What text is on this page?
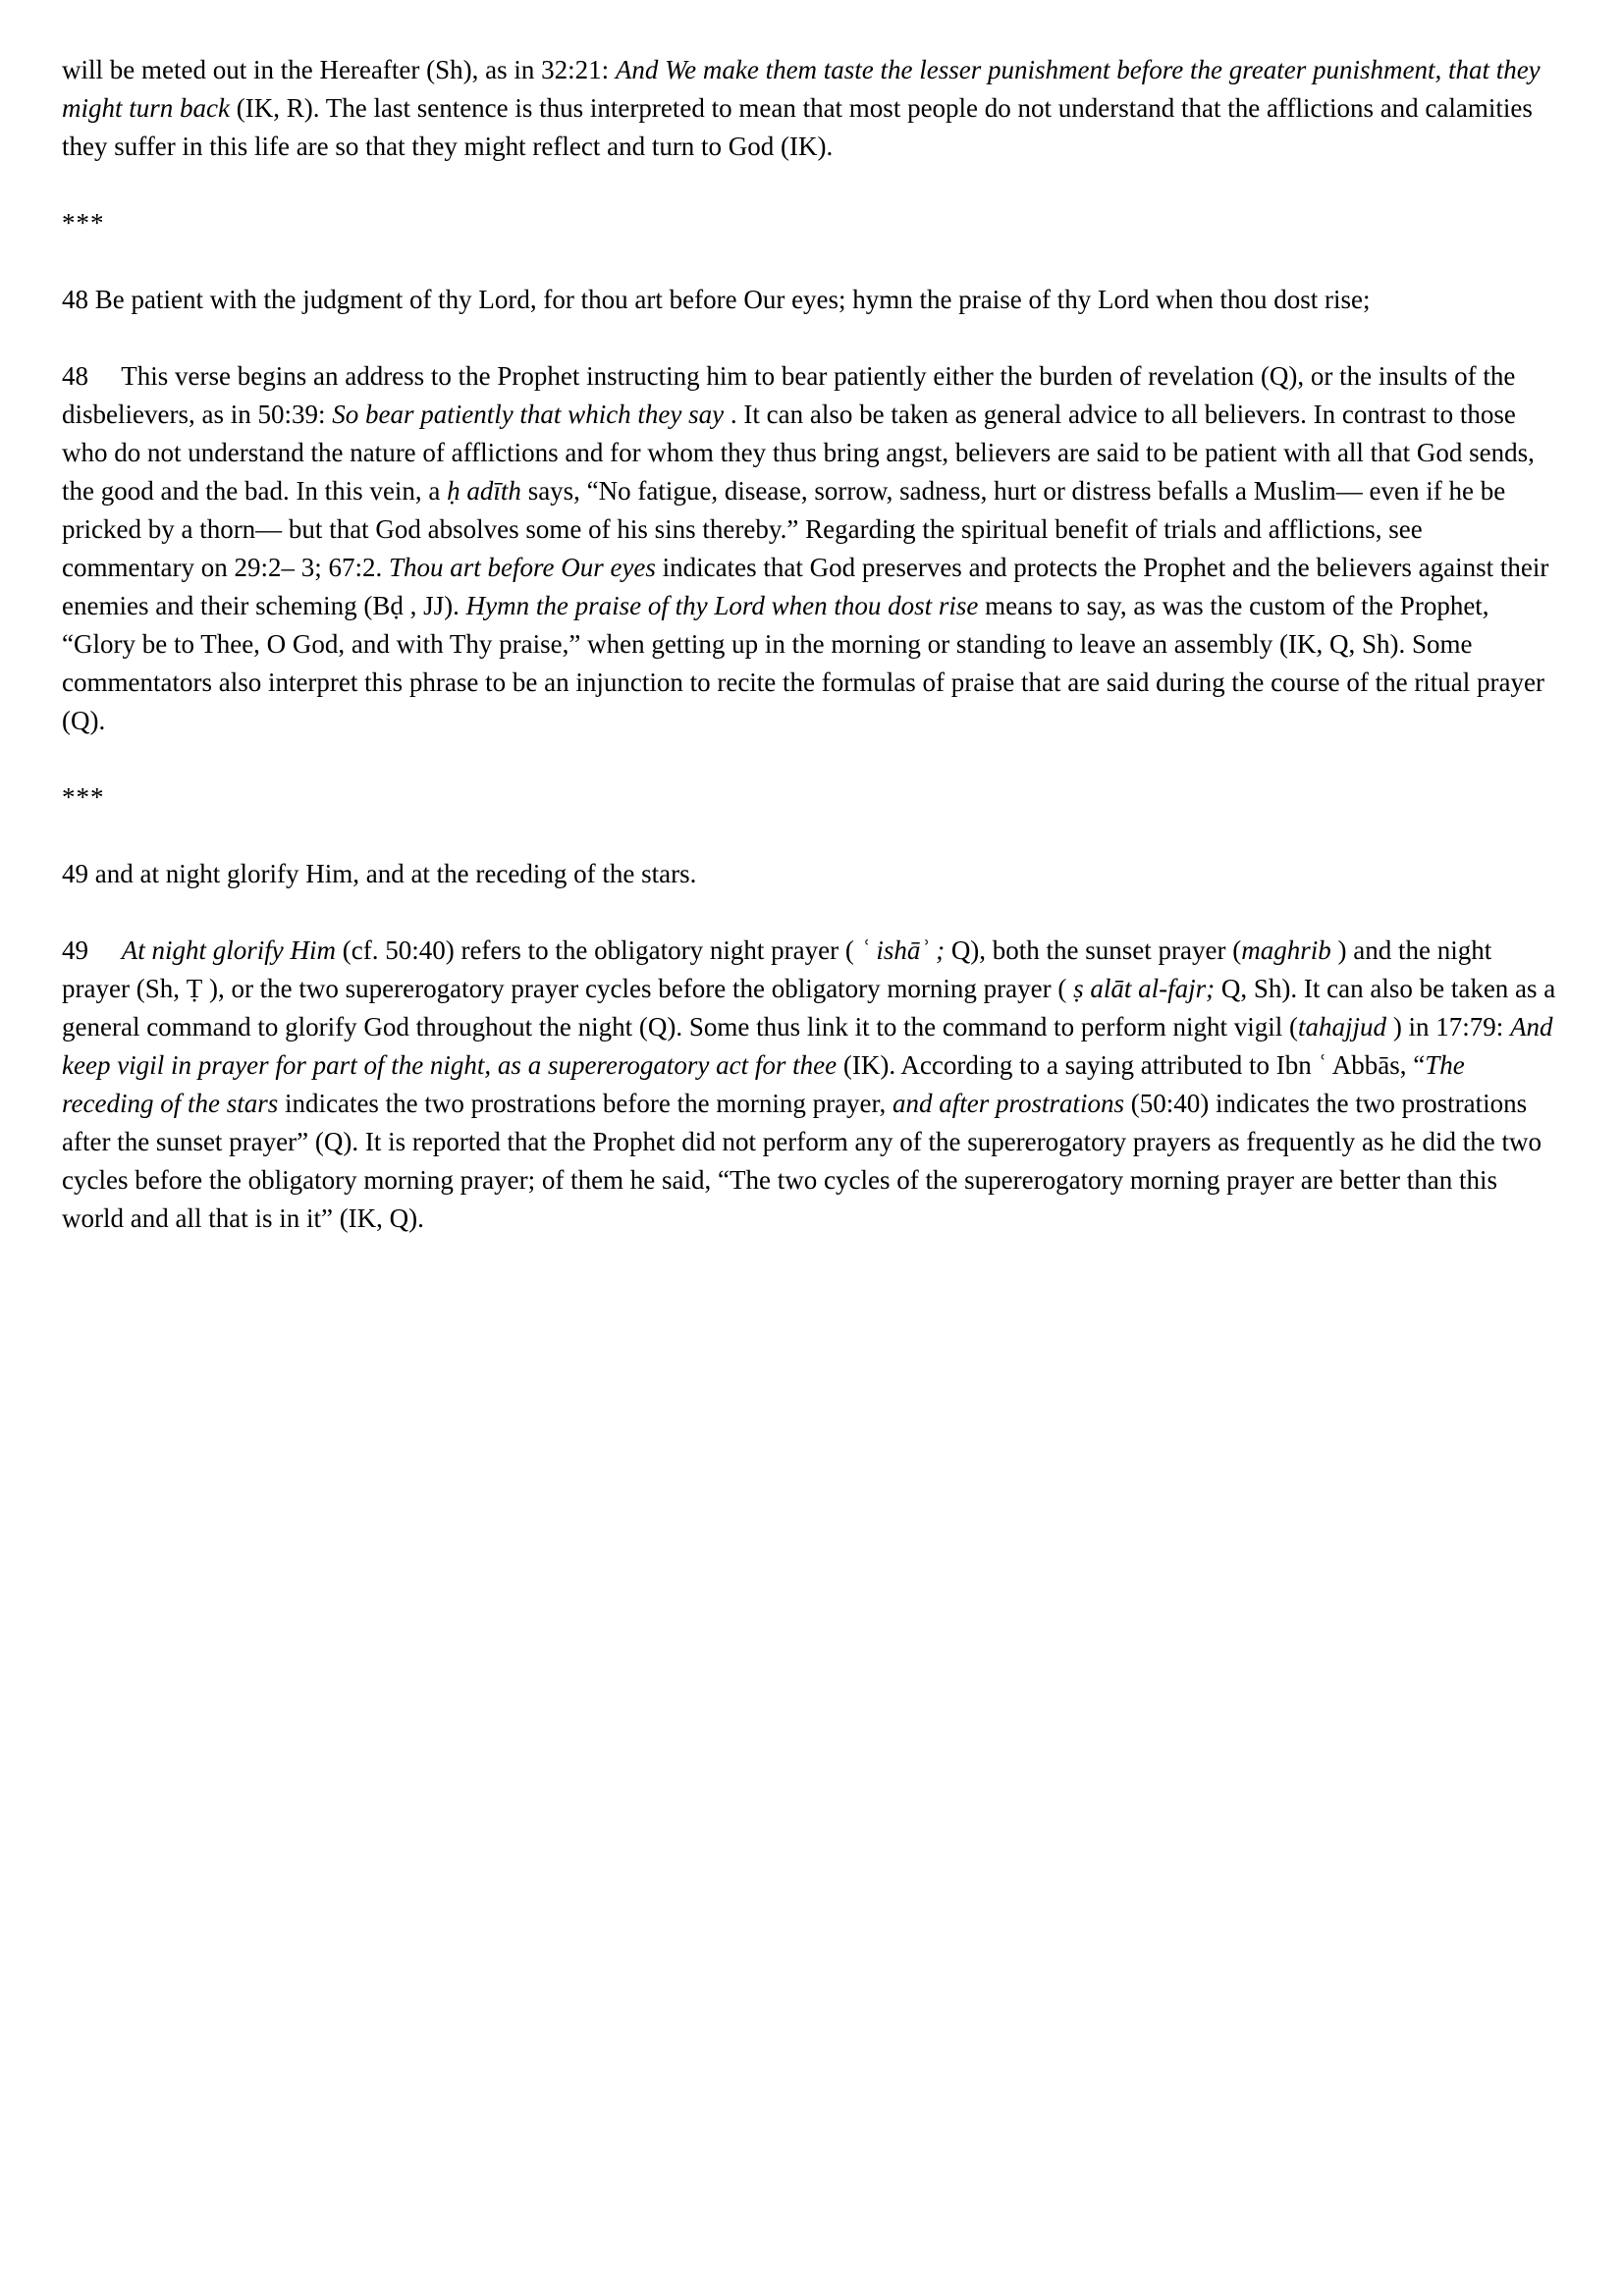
will be meted out in the Hereafter (Sh), as in 32:21: And We make them taste the lesser punishment before the greater punishment, that they might turn back (IK, R). The last sentence is thus interpreted to mean that most people do not understand that the afflictions and calamities they suffer in this life are so that they might reflect and turn to God (IK).

***

48 Be patient with the judgment of thy Lord, for thou art before Our eyes; hymn the praise of thy Lord when thou dost rise;

48     This verse begins an address to the Prophet instructing him to bear patiently either the burden of revelation (Q), or the insults of the disbelievers, as in 50:39: So bear patiently that which they say . It can also be taken as general advice to all believers. In contrast to those who do not understand the nature of afflictions and for whom they thus bring angst, believers are said to be patient with all that God sends, the good and the bad. In this vein, a ḥ adīth says, “No fatigue, disease, sorrow, sadness, hurt or distress befalls a Muslim— even if he be pricked by a thorn— but that God absolves some of his sins thereby.” Regarding the spiritual benefit of trials and afflictions, see commentary on 29:2– 3; 67:2. Thou art before Our eyes indicates that God preserves and protects the Prophet and the believers against their enemies and their scheming (Bḍ , JJ). Hymn the praise of thy Lord when thou dost rise means to say, as was the custom of the Prophet, “Glory be to Thee, O God, and with Thy praise,” when getting up in the morning or standing to leave an assembly (IK, Q, Sh). Some commentators also interpret this phrase to be an injunction to recite the formulas of praise that are said during the course of the ritual prayer (Q).

***

49 and at night glorify Him, and at the receding of the stars.

49     At night glorify Him (cf. 50:40) refers to the obligatory night prayer ( ʿ ishāʾ ; Q), both the sunset prayer (maghrib ) and the night prayer (Sh, Ṭ ), or the two supererogatory prayer cycles before the obligatory morning prayer ( ṣ alāt al-fajr; Q, Sh). It can also be taken as a general command to glorify God throughout the night (Q). Some thus link it to the command to perform night vigil (tahajjud ) in 17:79: And keep vigil in prayer for part of the night, as a supererogatory act for thee (IK). According to a saying attributed to Ibn ʿ Abbās, “The receding of the stars indicates the two prostrations before the morning prayer, and after prostrations (50:40) indicates the two prostrations after the sunset prayer” (Q). It is reported that the Prophet did not perform any of the supererogatory prayers as frequently as he did the two cycles before the obligatory morning prayer; of them he said, “The two cycles of the supererogatory morning prayer are better than this world and all that is in it” (IK, Q).
